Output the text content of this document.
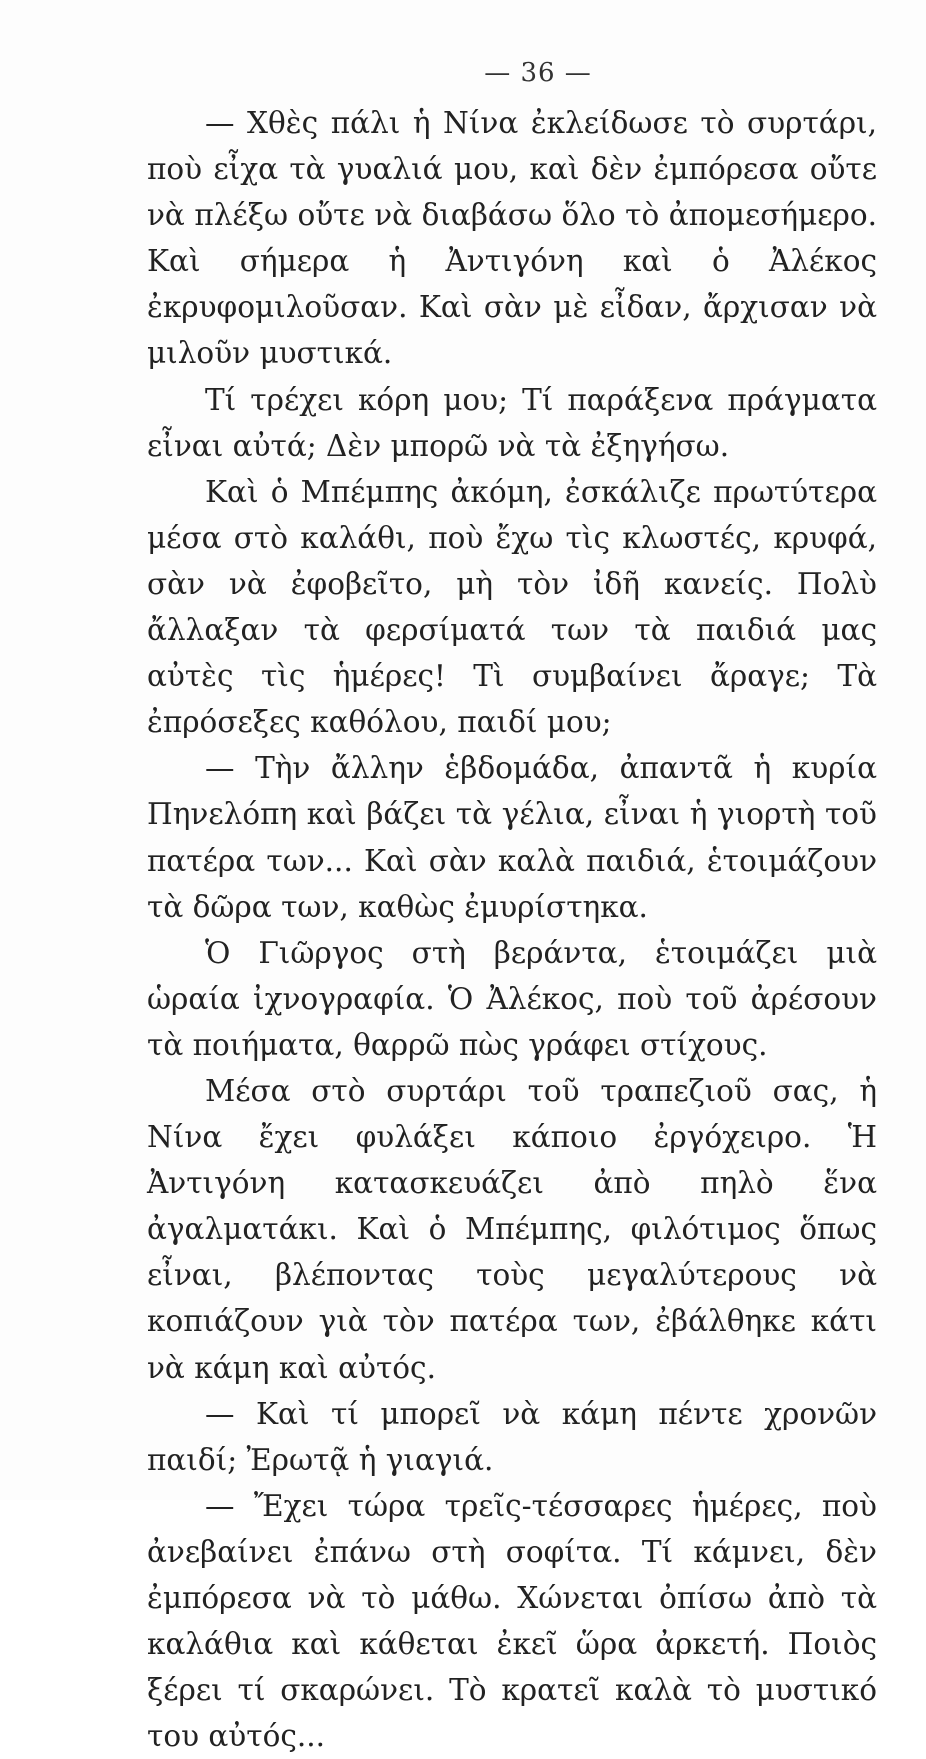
— 36 —

— Χθὲς πάλι ἡ Νίνα ἐκλείδωσε τὸ συρτάρι, ποὺ εἶχα τὰ γυαλιά μου, καὶ δὲν ἐμπόρεσα οὔτε νὰ πλέξω οὔτε νὰ διαβάσω ὅλο τὸ ἀπομεσήμερο. Καὶ σήμερα ἡ Ἀντιγόνη καὶ ὁ Ἀλέκος ἐκρυφομιλοῦσαν. Καὶ σὰν μὲ εἶδαν, ἄρχισαν νὰ μιλοῦν μυστικά.

Τί τρέχει κόρη μου; Τί παράξενα πράγματα εἶναι αὐτά; Δὲν μπορῶ νὰ τὰ ἐξηγήσω.

Καὶ ὁ Μπέμπης ἀκόμη, ἐσκάλιζε πρωτύτερα μέσα στὸ καλάθι, ποὺ ἔχω τὶς κλωστές, κρυφά, σὰν νὰ ἐφοβεῖτο, μὴ τὸν ἰδῆ κανείς. Πολὺ ἄλλαξαν τὰ φερσίματά των τὰ παιδιά μας αὐτὲς τὶς ἡμέρες! Τὶ συμβαίνει ἄραγε; Τὰ ἐπρόσεξες καθόλου, παιδί μου;

— Τὴν ἄλλην ἑβδομάδα, ἀπαντᾶ ἡ κυρία Πηνελόπη καὶ βάζει τὰ γέλια, εἶναι ἡ γιορτὴ τοῦ πατέρα των... Καὶ σὰν καλὰ παιδιά, ἑτοιμάζουν τὰ δῶρα των, καθὼς ἐμυρίστηκα.

Ὁ Γιῶργος στὴ βεράντα, ἑτοιμάζει μιὰ ὡραία ἰχνογραφία. Ὁ Ἀλέκος, ποὺ τοῦ ἀρέσουν τὰ ποιήματα, θαρρῶ πὼς γράφει στίχους.

Μέσα στὸ συρτάρι τοῦ τραπεζιοῦ σας, ἡ Νίνα ἔχει φυλάξει κάποιο ἐργόχειρο. Ἡ Ἀντιγόνη κατασκευάζει ἀπὸ πηλὸ ἕνα ἀγαλματάκι. Καὶ ὁ Μπέμπης, φιλότιμος ὅπως εἶναι, βλέποντας τοὺς μεγαλύτερους νὰ κοπιάζουν γιὰ τὸν πατέρα των, ἐβάλθηκε κάτι νὰ κάμη καὶ αὐτός.

— Καὶ τί μπορεῖ νὰ κάμη πέντε χρονῶν παιδί; Ἐρωτᾷ ἡ γιαγιά.

— Ἔχει τώρα τρεῖς-τέσσαρες ἡμέρες, ποὺ ἀνεβαίνει ἐπάνω στὴ σοφίτα. Τί κάμνει, δὲν ἐμπόρεσα νὰ τὸ μάθω. Χώνεται ὀπίσω ἀπὸ τὰ καλάθια καὶ κάθεται ἐκεῖ ὥρα ἀρκετή. Ποιὸς ξέρει τί σκαρώνει. Τὸ κρατεῖ καλὰ τὸ μυστικό του αὐτός...
